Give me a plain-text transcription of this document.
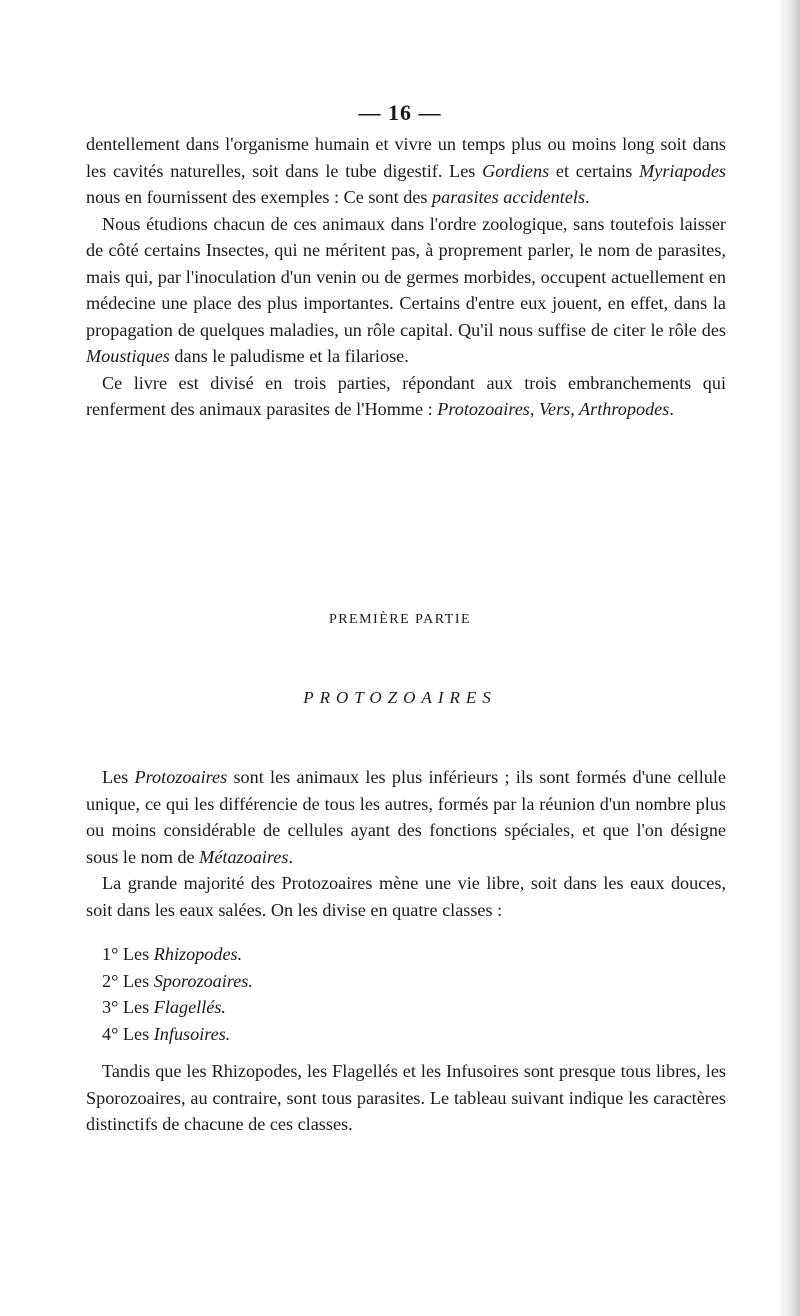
— 16 —

dentellement dans l'organisme humain et vivre un temps plus ou moins long soit dans les cavités naturelles, soit dans le tube digestif. Les Gordiens et certains Myriapodes nous en fournissent des exemples : Ce sont des parasites accidentels.

Nous étudions chacun de ces animaux dans l'ordre zoologique, sans toutefois laisser de côté certains Insectes, qui ne méritent pas, à proprement parler, le nom de parasites, mais qui, par l'inoculation d'un venin ou de germes morbides, occupent actuellement en médecine une place des plus importantes. Certains d'entre eux jouent, en effet, dans la propagation de quelques maladies, un rôle capital. Qu'il nous suffise de citer le rôle des Moustiques dans le paludisme et la filariose.

Ce livre est divisé en trois parties, répondant aux trois embranchements qui renferment des animaux parasites de l'Homme : Protozoaires, Vers, Arthropodes.

PREMIÈRE PARTIE
PROTOZOAIRES

Les Protozoaires sont les animaux les plus inférieurs ; ils sont formés d'une cellule unique, ce qui les différencie de tous les autres, formés par la réunion d'un nombre plus ou moins considérable de cellules ayant des fonctions spéciales, et que l'on désigne sous le nom de Métazoaires.

La grande majorité des Protozoaires mène une vie libre, soit dans les eaux douces, soit dans les eaux salées. On les divise en quatre classes :

1° Les Rhizopodes.
2° Les Sporozoaires.
3° Les Flagellés.
4° Les Infusoires.

Tandis que les Rhizopodes, les Flagellés et les Infusoires sont presque tous libres, les Sporozoaires, au contraire, sont tous parasites. Le tableau suivant indique les caractères distinctifs de chacune de ces classes.
